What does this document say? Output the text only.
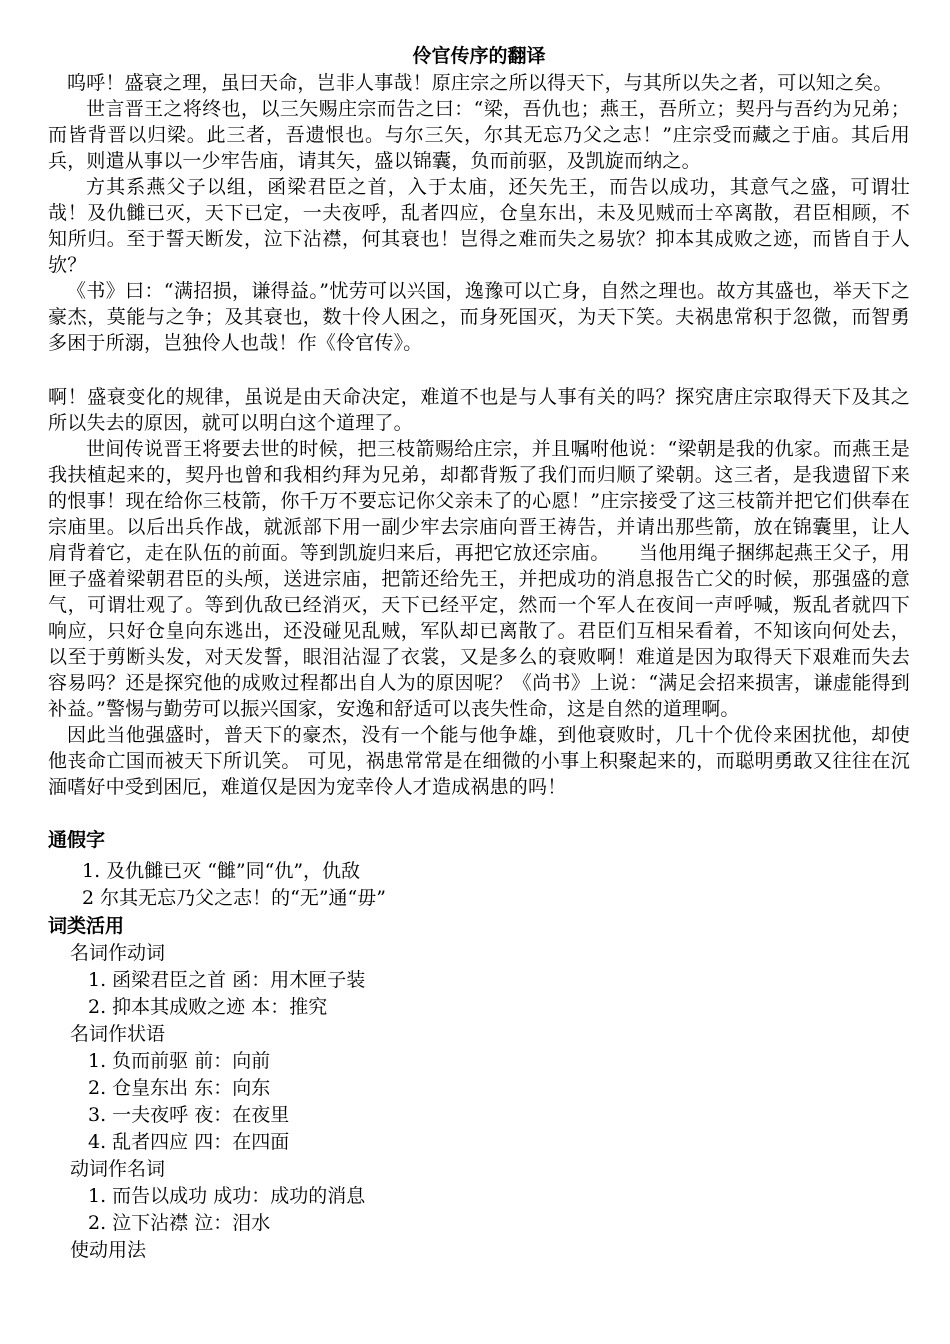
伶官传序的翻译

呜呼！盛衰之理，虽曰天命，岂非人事哉！原庄宗之所以得天下，与其所以失之者，可以知之矣。

世言晋王之将终也，以三矢赐庄宗而告之曰：“梁，吾仇也；燕王，吾所立；契丹与吾约为兄弟；而皆背晋以归梁。此三者，吾遗恨也。与尔三矢，尔其无忘乃父之志！”庄宗受而藏之于庙。其后用兵，则遣从事以一少牢告庙，请其矢，盛以锦囊，负而前驱，及凯旋而纳之。

方其系燕父子以组，函梁君臣之首，入于太庙，还矢先王，而告以成功，其意气之盛，可谓壮哉！及仇雠已灭，天下已定，一夫夜呼，乱者四应，仓皇东出，未及见贼而士卒离散，君臣相顾，不知所归。至于誓天断发，泣下沾襟，何其衰也！岂得之难而失之易欤？抑本其成败之迹，而皆自于人欤？

《书》曰：“满招损，谦得益。”忧劳可以兴国，逸豫可以亡身，自然之理也。故方其盛也，举天下之豪杰，莫能与之争；及其衰也，数十伶人困之，而身死国灭，为天下笑。夫祸患常积于忽微，而智勇多困于所溺，岂独伶人也哉！作《伶官传》。

啊！盛衰变化的规律，虽说是由天命决定，难道不也是与人事有关的吗？探究唐庄宗取得天下及其之所以失去的原因，就可以明白这个道理了。

世间传说晋王将要去世的时候，把三枝箭赐给庄宗，并且嘱咐他说：“梁朝是我的仇家。而燕王是我扶植起来的，契丹也曾和我相约拜为兄弟，却都背叛了我们而归顺了梁朝。这三者，是我遗留下来的恨事！现在给你三枝箭，你千万不要忘记你父亲未了的心愿！”庄宗接受了这三枝箭并把它们供奉在宗庙里。以后出兵作战，就派部下用一副少牢去宗庙向晋王祷告，并请出那些箭，放在锦囊里，让人肩背着它，走在队伍的前面。等到凯旋归来后，再把它放还宗庙。　　当他用绳子捆绑起燕王父子，用匣子盛着梁朝君臣的头颅，送进宗庙，把箭还给先王，并把成功的消息报告亡父的时候，那强盛的意气，可谓壮观了。等到仇敌已经消灭，天下已经平定，然而一个军人在夜间一声呼喊，叛乱者就四下响应，只好仓皇向东逃出，还没碰见乱贼，军队却已离散了。君臣们互相呆看着，不知该向何处去，以至于剪断头发，对天发誓，眼泪沾湿了衣裳，又是多么的衰败啊！难道是因为取得天下艰难而失去容易吗？还是探究他的成败过程都出自人为的原因呢？《尚书》上说：“满足会招来损害，谦虚能得到补益。”警惕与勤劳可以振兴国家，安逸和舒适可以丧失性命，这是自然的道理啊。

因此当他强盛时，普天下的豪杰，没有一个能与他争雄，到他衰败时，几十个优伶来困扰他，却使他丧命亡国而被天下所讥笑。 可见，祸患常常是在细微的小事上积聚起来的，而聪明勇敢又往往在沉湎嗜好中受到困厄，难道仅是因为宠幸伶人才造成祸患的吗！

通假字
1. 及仇雠已灭 “雠”同“仇”，仇敌
2 尔其无忘乃父之志！的“无”通“毋”
词类活用
名词作动词
1. 函梁君臣之首 函：用木匣子装
2. 抑本其成败之迹 本：推究
名词作状语
1. 负而前驱 前：向前
2. 仓皇东出 东：向东
3. 一夫夜呼 夜：在夜里
4. 乱者四应 四：在四面
动词作名词
1. 而告以成功 成功：成功的消息
2. 泣下沾襟 泣：泪水
使动用法
